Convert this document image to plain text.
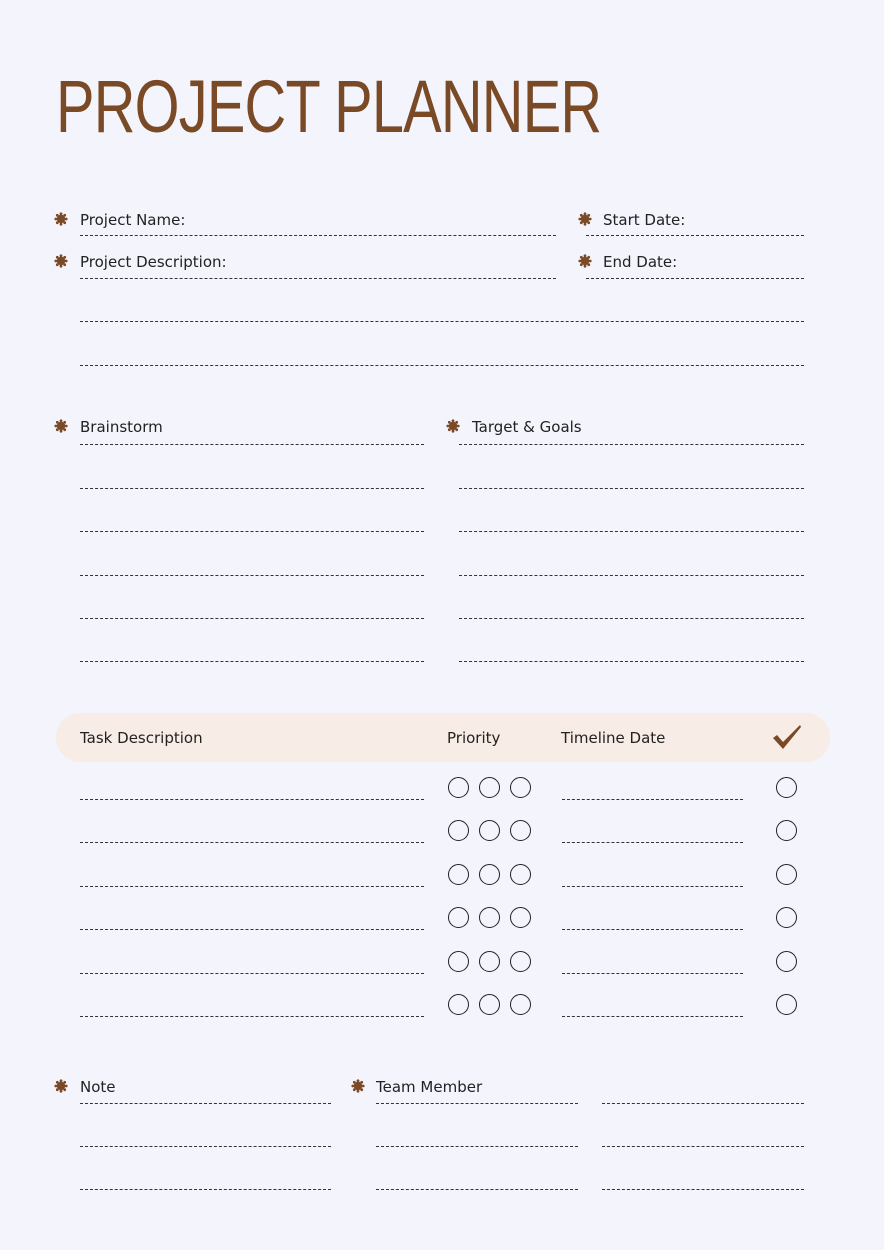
PROJECT PLANNER
Project Name:	Start Date:
Project Description:	End Date:
Brainstorm	Target & Goals
Task Description	Priority	Timeline Date
Note	Team Member
